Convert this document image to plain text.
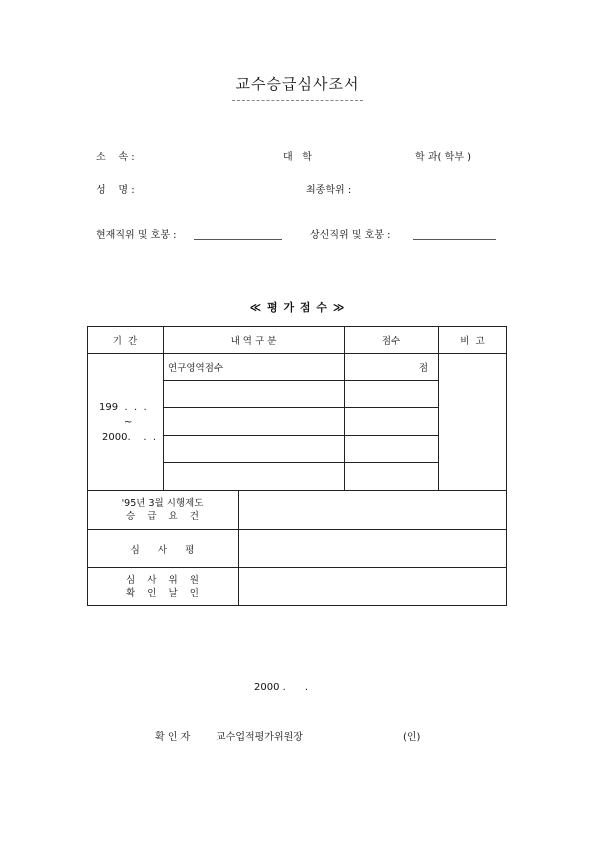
교수승급심사조서
소    속 :	대   학	학 과( 학부 )
성    명 :	최종학위 :
현재직위 및 호봉 :	상신직위 및 호봉 :
≪ 평 가 점 수 ≫
기  간	내 역 구 분	점수	비  고
199  .  .  .
~
2000.    .  .
연구영역점수	점
'95년 3월 시행제도
승    급    요    건
심      사      평
심    사    위    원
확    인    날    인
2000 .      .
확 인 자	교수업적평가위원장	(인)
